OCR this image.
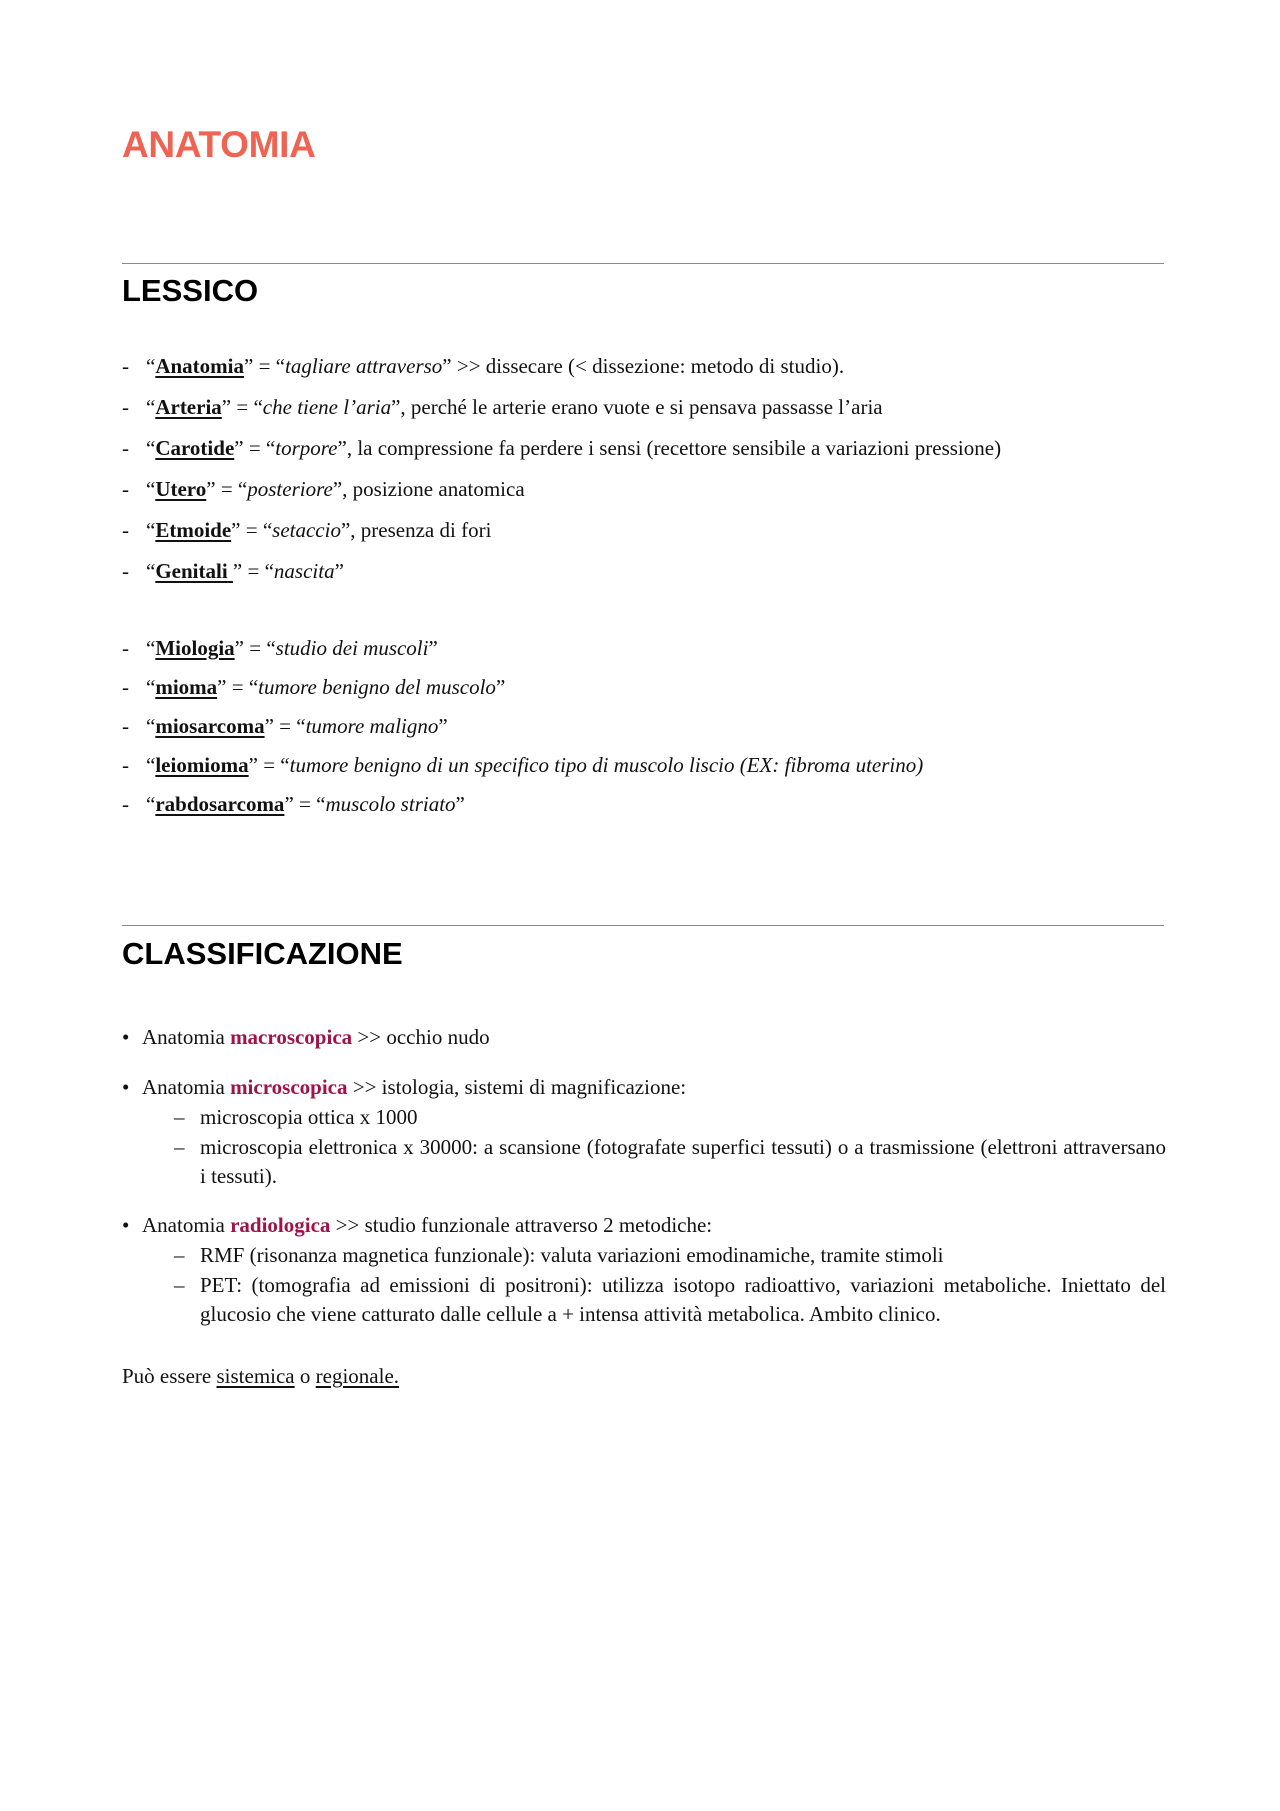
ANATOMIA
LESSICO
- “Anatomia” = “tagliare attraverso” >> dissecare (< dissezione: metodo di studio).
- “Arteria” = “che tiene l’aria”, perché le arterie erano vuote e si pensava passasse l’aria
- “Carotide” = “torpore”, la compressione fa perdere i sensi (recettore sensibile a variazioni pressione)
- “Utero” = “posteriore”, posizione anatomica
- “Etmoide” = “setaccio”, presenza di fori
- “Genitali ” = “nascita”
- “Miologia” = “studio dei muscoli”
- “mioma” = “tumore benigno del muscolo”
- “miosarcoma” = “tumore maligno”
- “leiomioma” = “tumore benigno di un specifico tipo di muscolo liscio (EX: fibroma uterino)
- “rabdosarcoma” = “muscolo striato”
CLASSIFICAZIONE
• Anatomia macroscopica >> occhio nudo
• Anatomia microscopica >> istologia, sistemi di magnificazione:
– microscopia ottica x 1000
– microscopia elettronica x 30000: a scansione (fotografate superfici tessuti) o a trasmissione (elettroni attraversano i tessuti).
• Anatomia radiologica >> studio funzionale attraverso 2 metodiche:
– RMF (risonanza magnetica funzionale): valuta variazioni emodinamiche, tramite stimoli
– PET: (tomografia ad emissioni di positroni): utilizza isotopo radioattivo, variazioni metaboliche. Iniettato del glucosio che viene catturato dalle cellule a + intensa attività metabolica. Ambito clinico.
Può essere sistemica o regionale.
